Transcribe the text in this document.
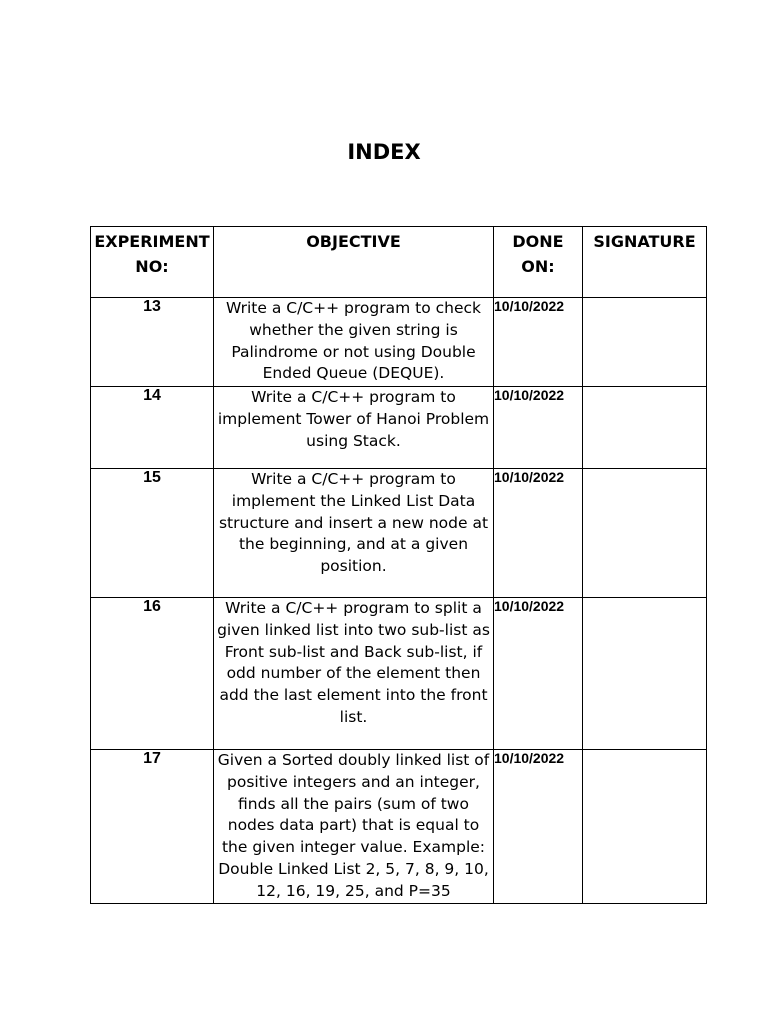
INDEX
EXPERIMENT NO:	OBJECTIVE	DONE ON:	SIGNATURE
13	Write a C/C++ program to check whether the given string is Palindrome or not using Double Ended Queue (DEQUE).	10/10/2022	
14	Write a C/C++ program to implement Tower of Hanoi Problem using Stack.	10/10/2022	
15	Write a C/C++ program to implement the Linked List Data structure and insert a new node at the beginning, and at a given position.	10/10/2022	
16	Write a C/C++ program to split a given linked list into two sub-list as Front sub-list and Back sub-list, if odd number of the element then add the last element into the front list.	10/10/2022	
17	Given a Sorted doubly linked list of positive integers and an integer, finds all the pairs (sum of two nodes data part) that is equal to the given integer value. Example: Double Linked List 2, 5, 7, 8, 9, 10, 12, 16, 19, 25, and P=35	10/10/2022	
